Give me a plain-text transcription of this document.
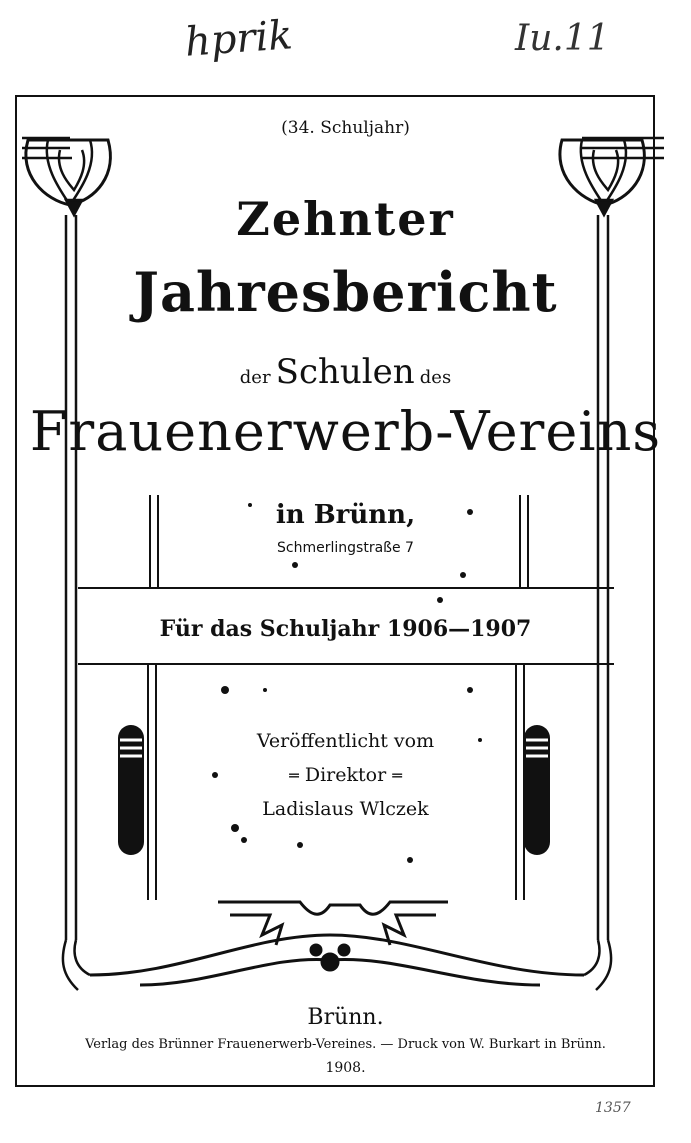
hprik	Iu.11
1357
(34. Schuljahr)
Zehnter
Jahresbericht
der Schulen des
Frauenerwerb-Vereins
in Brünn,
Schmerlingstraße 7
Für das Schuljahr 1906—1907
Veröffentlicht vom
═ Direktor ═
Ladislaus Wlczek
Brünn.
Verlag des Brünner Frauenerwerb-Vereines. — Druck von W. Burkart in Brünn.
1908.
